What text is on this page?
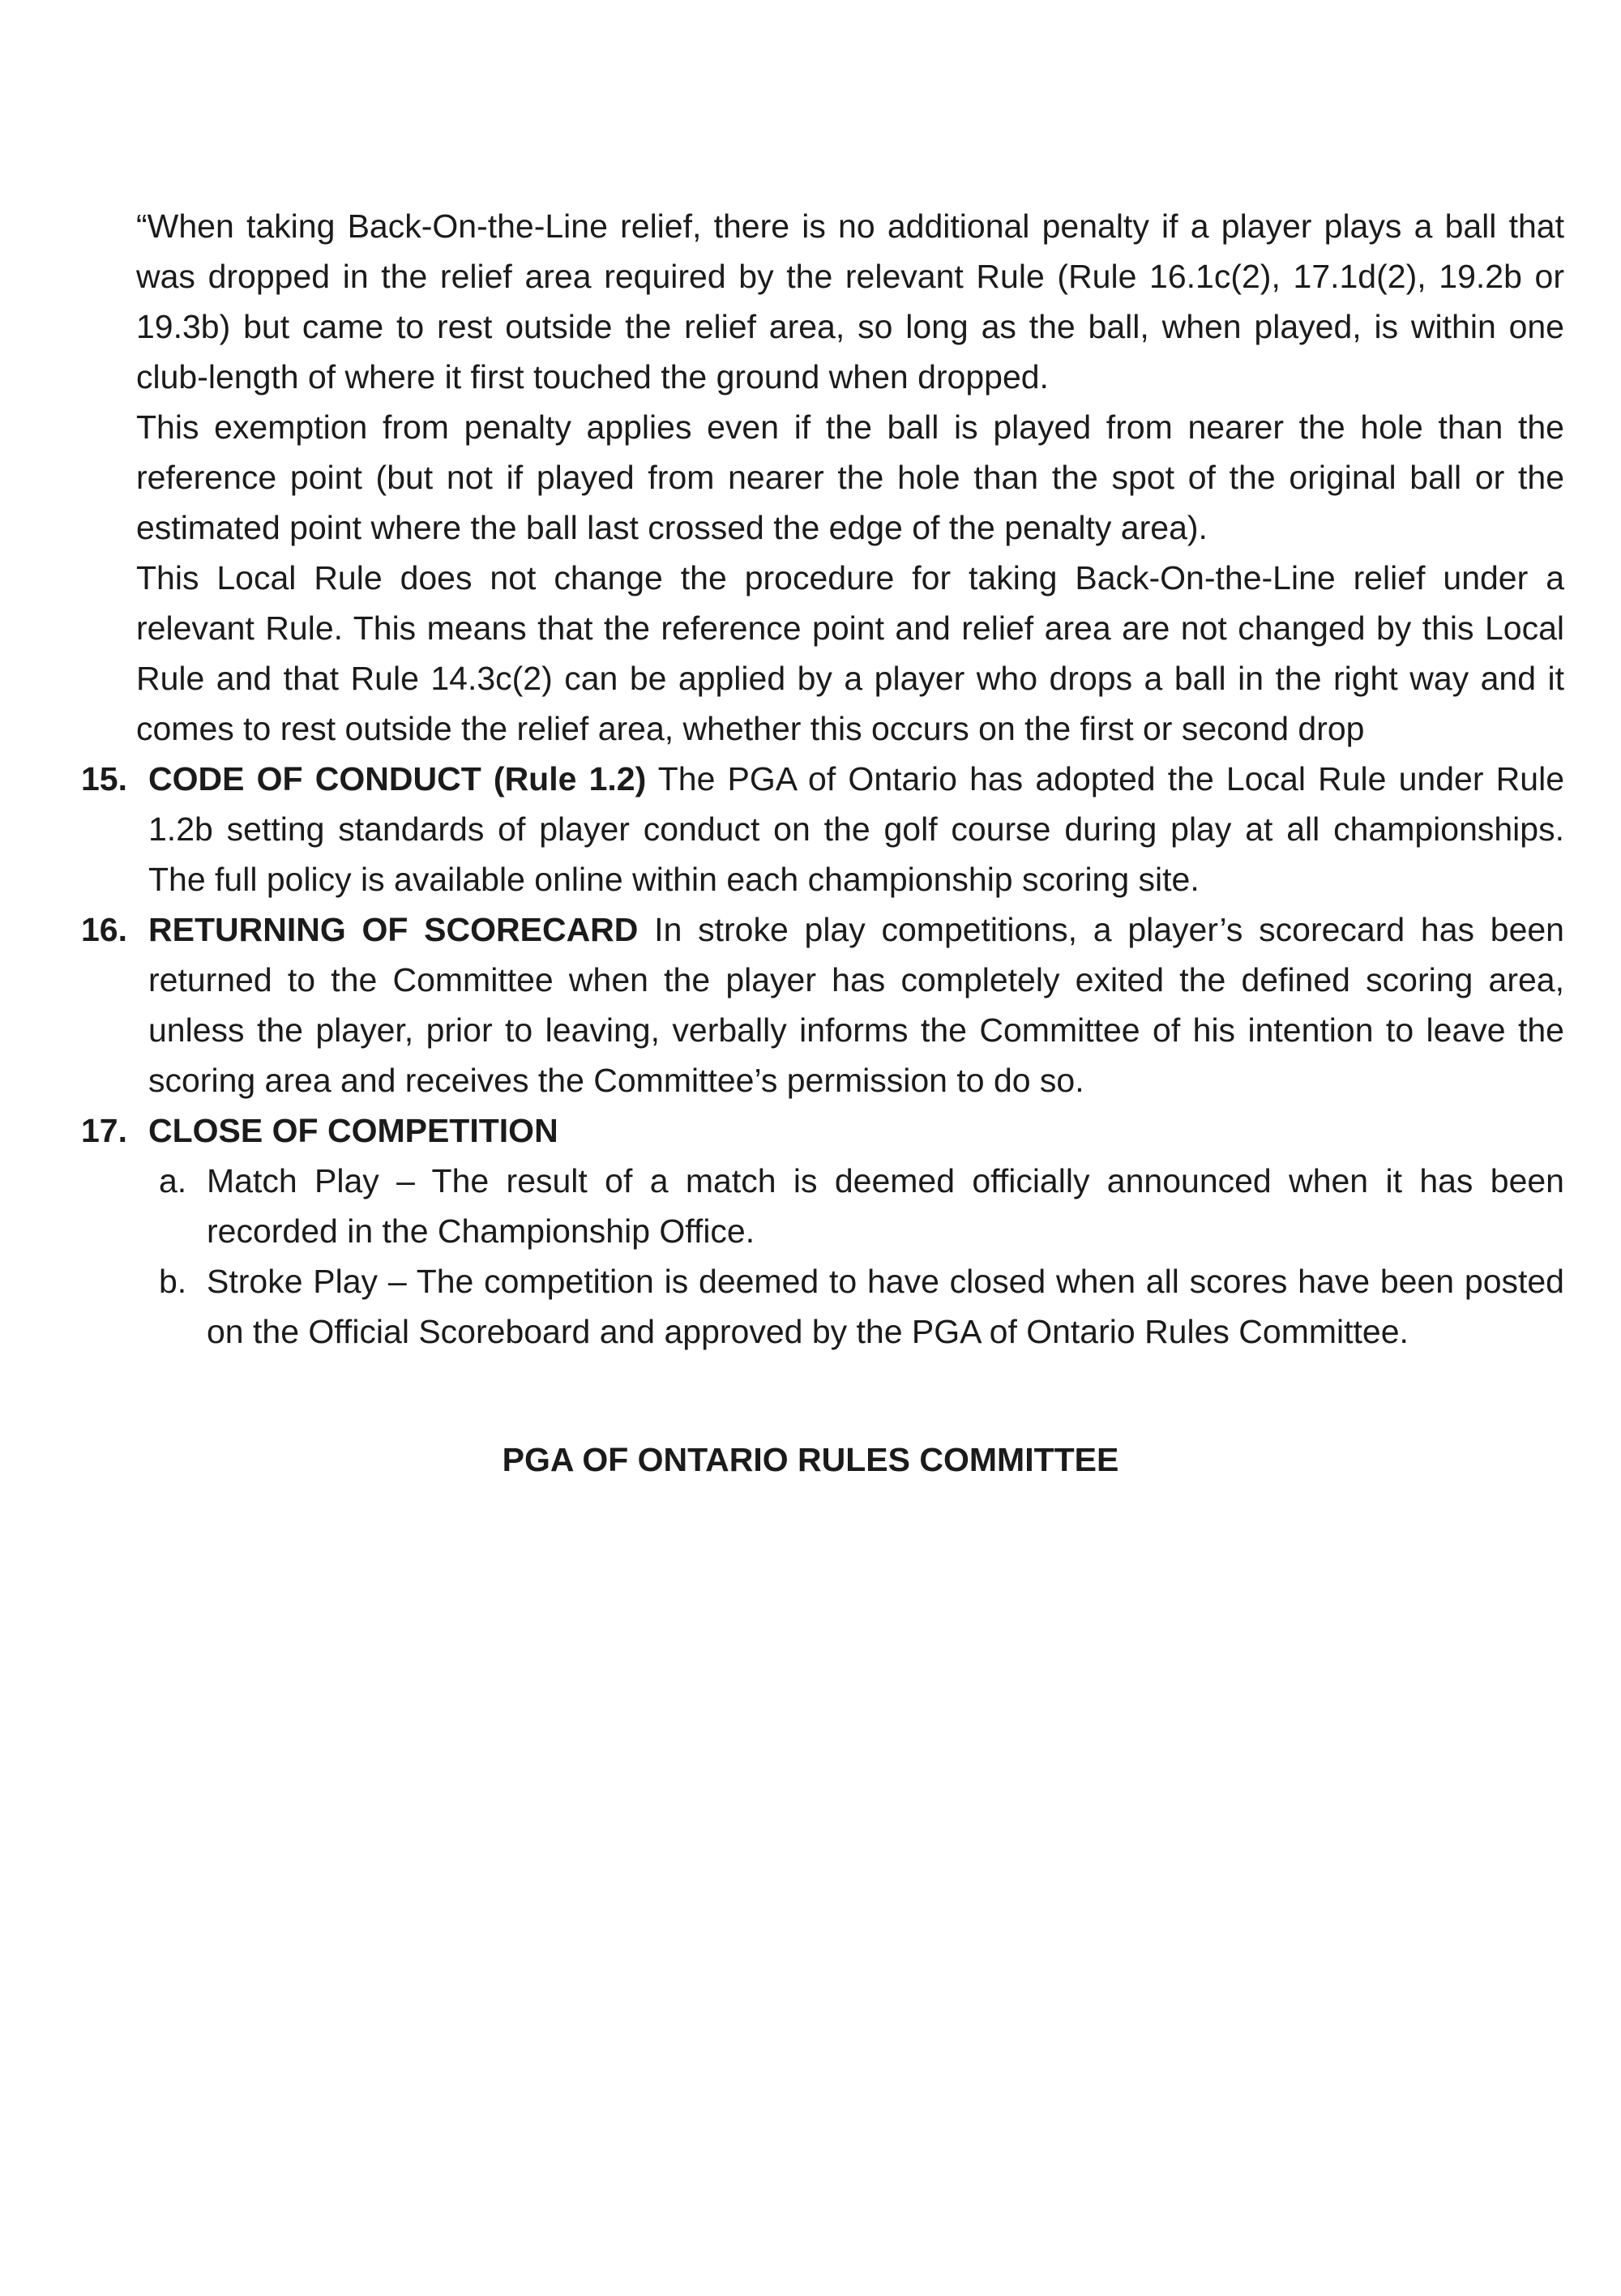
“When taking Back-On-the-Line relief, there is no additional penalty if a player plays a ball that was dropped in the relief area required by the relevant Rule (Rule 16.1c(2), 17.1d(2), 19.2b or 19.3b) but came to rest outside the relief area, so long as the ball, when played, is within one club-length of where it first touched the ground when dropped.

This exemption from penalty applies even if the ball is played from nearer the hole than the reference point (but not if played from nearer the hole than the spot of the original ball or the estimated point where the ball last crossed the edge of the penalty area).

This Local Rule does not change the procedure for taking Back-On-the-Line relief under a relevant Rule. This means that the reference point and relief area are not changed by this Local Rule and that Rule 14.3c(2) can be applied by a player who drops a ball in the right way and it comes to rest outside the relief area, whether this occurs on the first or second drop

15. CODE OF CONDUCT (Rule 1.2) The PGA of Ontario has adopted the Local Rule under Rule 1.2b setting standards of player conduct on the golf course during play at all championships. The full policy is available online within each championship scoring site.

16. RETURNING OF SCORECARD In stroke play competitions, a player’s scorecard has been returned to the Committee when the player has completely exited the defined scoring area, unless the player, prior to leaving, verbally informs the Committee of his intention to leave the scoring area and receives the Committee’s permission to do so.

17. CLOSE OF COMPETITION

a. Match Play – The result of a match is deemed officially announced when it has been recorded in the Championship Office.
b. Stroke Play – The competition is deemed to have closed when all scores have been posted on the Official Scoreboard and approved by the PGA of Ontario Rules Committee.

PGA OF ONTARIO RULES COMMITTEE
